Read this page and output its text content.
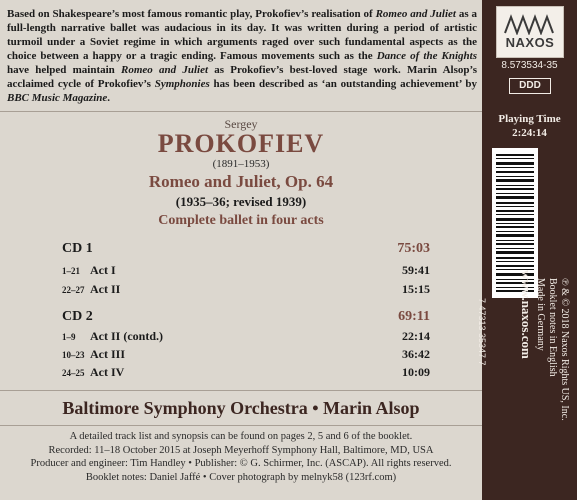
Based on Shakespeare’s most famous romantic play, Prokofiev’s realisation of Romeo and Juliet as a full-length narrative ballet was audacious in its day. It was written during a period of artistic turmoil under a Soviet regime in which arguments raged over such fundamental aspects as the choice between a happy or a tragic ending. Famous movements such as the Dance of the Knights have helped maintain Romeo and Juliet as Prokofiev’s best-loved stage work. Marin Alsop’s acclaimed cycle of Prokofiev’s Symphonies has been described as ‘an outstanding achievement’ by BBC Music Magazine.
Sergey
PROKOFIEV
(1891–1953)
Romeo and Juliet, Op. 64
(1935–36; revised 1939)
Complete ballet in four acts
CD 1	75:03
1–21 Act I	59:41
22–27 Act II	15:15
CD 2	69:11
1–9 Act II (contd.)	22:14
10–23 Act III	36:42
24–25 Act IV	10:09
Baltimore Symphony Orchestra • Marin Alsop
A detailed track list and synopsis can be found on pages 2, 5 and 6 of the booklet.
Recorded: 11–18 October 2015 at Joseph Meyerhoff Symphony Hall, Baltimore, MD, USA
Producer and engineer: Tim Handley • Publisher: © G. Schirmer, Inc. (ASCAP). All rights reserved.
Booklet notes: Daniel Jaffé • Cover photograph by melnyk58 (123rf.com)
NAXOS
8.573534-35
DDD
Playing Time
2:24:14
7 47313 35347 7	℗ & © 2018 Naxos Rights US, Inc.
Booklet notes in English
Made in Germany
www.naxos.com
